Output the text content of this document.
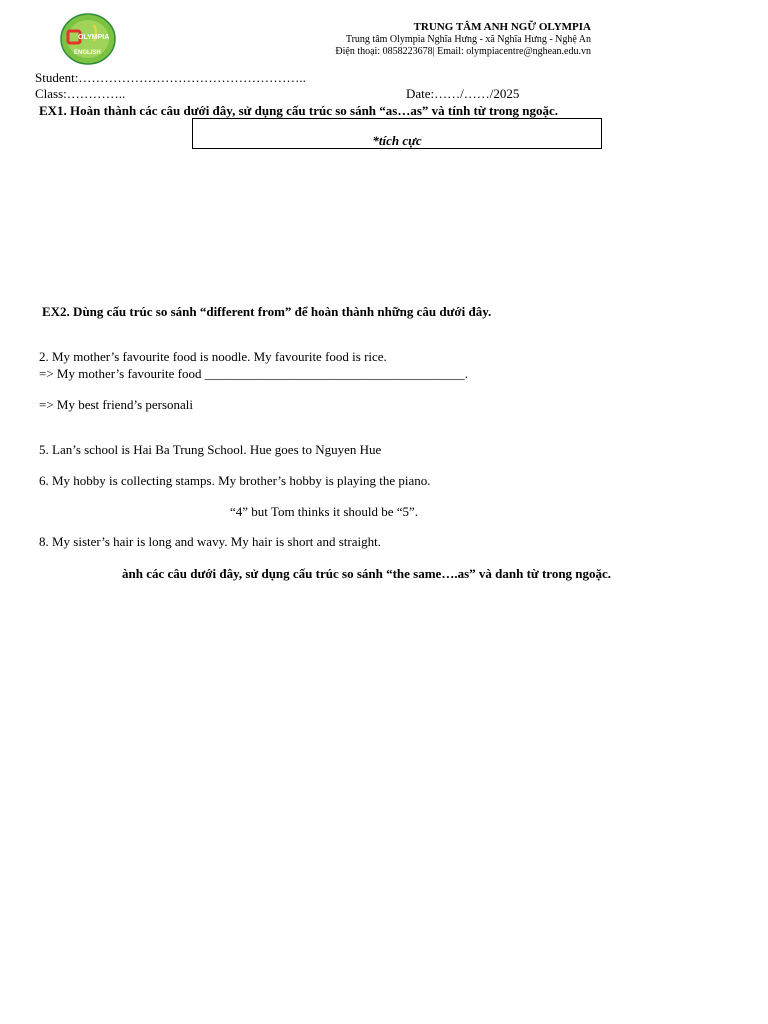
OLYMPIA
ENGLISH
TRUNG TÂM ANH NGỮ OLYMPIA
Trung tâm Olympia Nghĩa Hưng - xã Nghĩa Hưng - Nghệ An
Điện thoại: 0858223678| Email: olympiacentre@nghean.edu.vn
Student:……………………………………………..
Class:…………..	Date:……/……/2025
EX1. Hoàn thành các câu dưới đây, sử dụng cấu trúc so sánh “as…as” và tính từ trong ngoặc.
*tích cực
EX2. Dùng cấu trúc so sánh “different from” để hoàn thành những câu dưới đây.
2. My mother’s favourite food is noodle. My favourite food is rice.
=> My mother’s favourite food ________________________________________.
=> My best friend’s personali
5. Lan’s school is Hai Ba Trung School. Hue goes to Nguyen Hue
6. My hobby is collecting stamps. My brother’s hobby is playing the piano.
“4” but Tom thinks it should be “5”.
8. My sister’s hair is long and wavy. My hair is short and straight.
ành các câu dưới đây, sử dụng cấu trúc so sánh “the same….as” và danh từ trong ngoặc.
